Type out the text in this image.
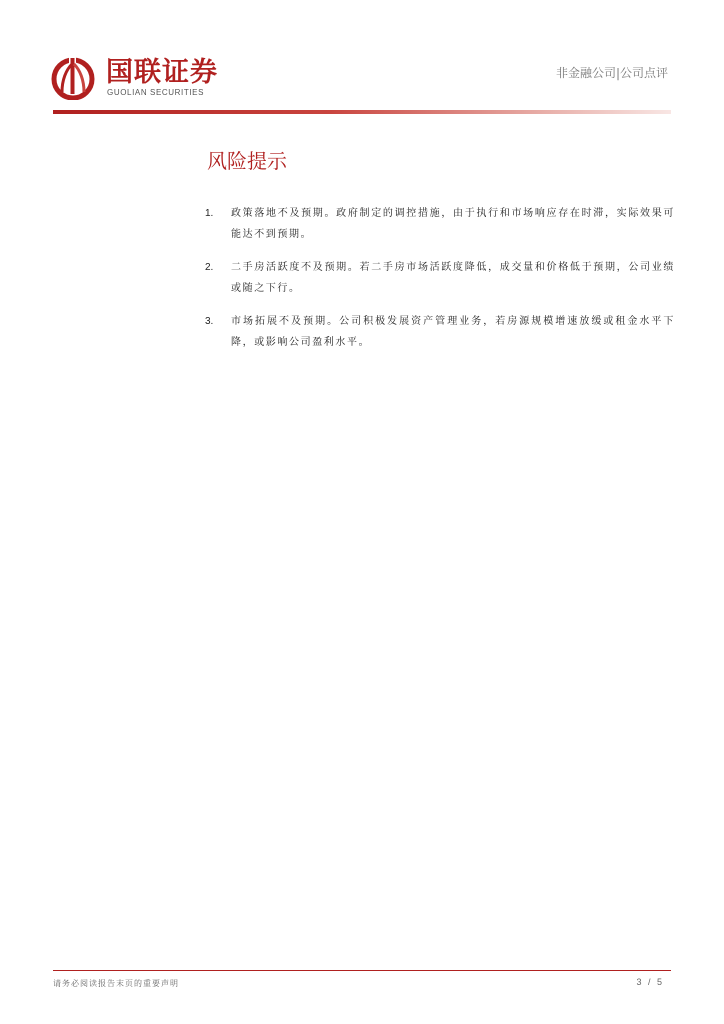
国联证券
GUOLIAN SECURITIES
非金融公司|公司点评
风险提示
1. 政策落地不及预期。政府制定的调控措施，由于执行和市场响应存在时滞，实际效果可能达不到预期。
2. 二手房活跃度不及预期。若二手房市场活跃度降低，成交量和价格低于预期，公司业绩或随之下行。
3. 市场拓展不及预期。公司积极发展资产管理业务，若房源规模增速放缓或租金水平下降，或影响公司盈利水平。
请务必阅读报告末页的重要声明	3 / 5
